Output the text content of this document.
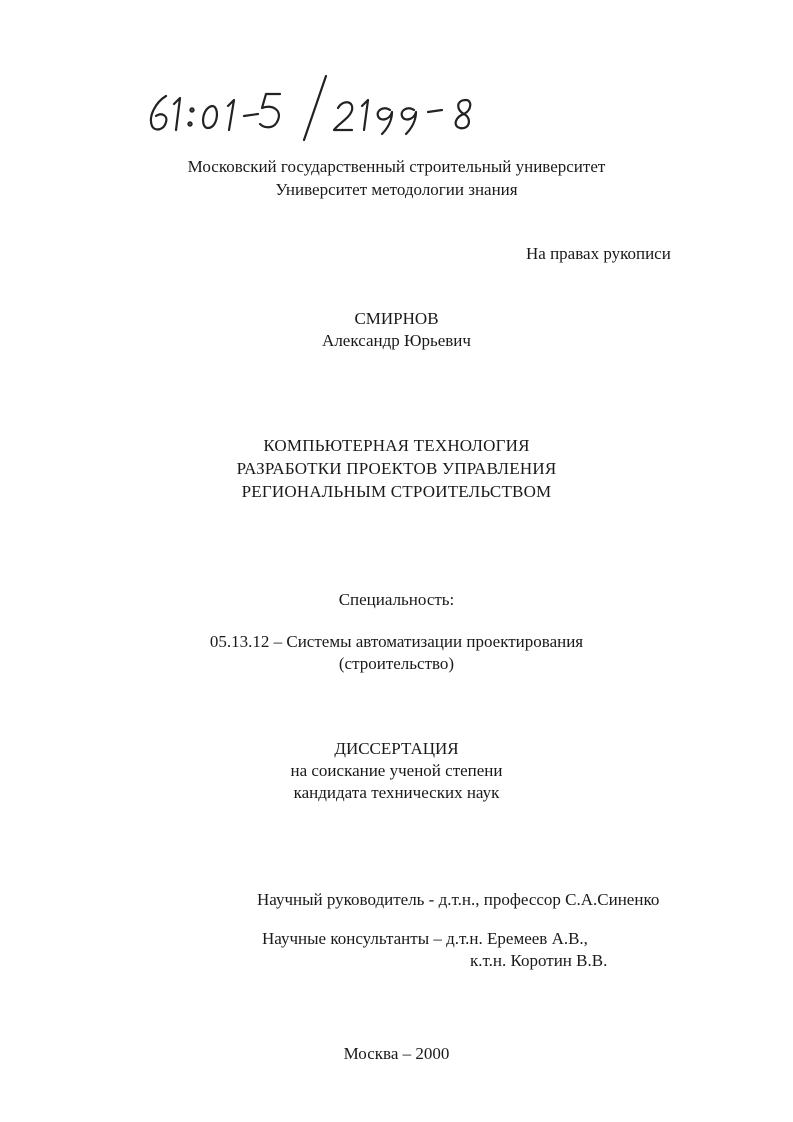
Московский государственный строительный университет
Университет методологии знания
На правах рукописи
СМИРНОВ
Александр Юрьевич
КОМПЬЮТЕРНАЯ ТЕХНОЛОГИЯ
РАЗРАБОТКИ ПРОЕКТОВ УПРАВЛЕНИЯ
РЕГИОНАЛЬНЫМ СТРОИТЕЛЬСТВОМ
Специальность:
05.13.12 – Системы автоматизации проектирования
(строительство)
ДИССЕРТАЦИЯ
на соискание ученой степени
кандидата технических наук
Научный руководитель - д.т.н., профессор С.А.Синенко
Научные консультанты – д.т.н. Еремеев А.В.,
к.т.н. Коротин В.В.
Москва – 2000
